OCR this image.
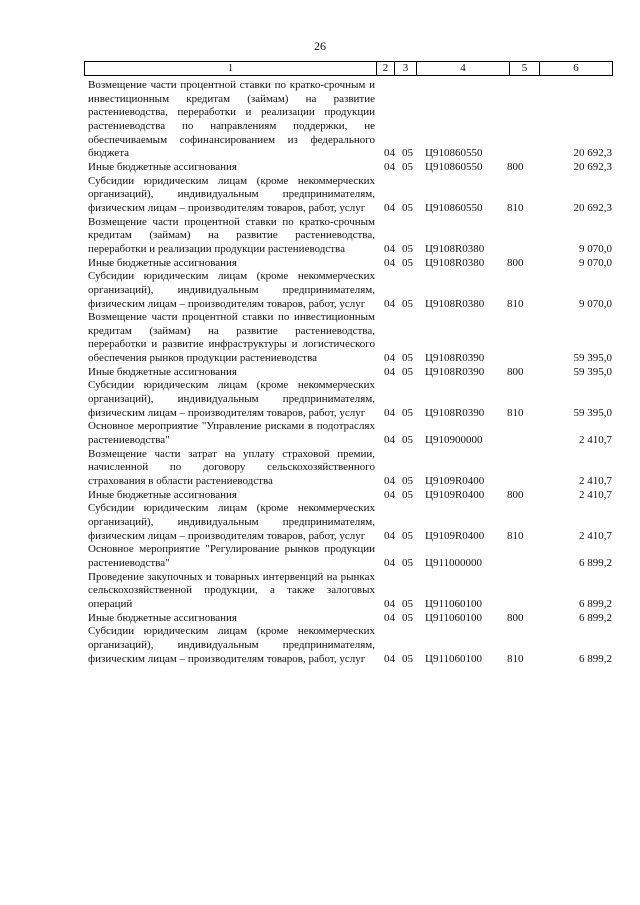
26
1	2	3	4	5	6
Возмещение части процентной ставки по кратко-срочным и инвестиционным кредитам (займам) на развитие растениеводства, переработки и реализации продукции растениеводства по направлениям поддержки, не обеспечиваемым софинансированием из федерального бюджета	04 05	Ц910860550	20 692,3
Иные бюджетные ассигнования	04 05	Ц910860550	800	20 692,3
Субсидии юридическим лицам (кроме некоммерческих организаций), индивидуальным предпринимателям, физическим лицам – производителям товаров, работ, услуг	04 05	Ц910860550	810	20 692,3
Возмещение части процентной ставки по кратко-срочным кредитам (займам) на развитие растениеводства, переработки и реализации продукции растениеводства	04 05	Ц9108R0380	9 070,0
Иные бюджетные ассигнования	04 05	Ц9108R0380	800	9 070,0
Субсидии юридическим лицам (кроме некоммерческих организаций), индивидуальным предпринимателям, физическим лицам – производителям товаров, работ, услуг	04 05	Ц9108R0380	810	9 070,0
Возмещение части процентной ставки по инвестиционным кредитам (займам) на развитие растениеводства, переработки и развитие инфраструктуры и логистического обеспечения рынков продукции растениеводства	04 05	Ц9108R0390	59 395,0
Иные бюджетные ассигнования	04 05	Ц9108R0390	800	59 395,0
Субсидии юридическим лицам (кроме некоммерческих организаций), индивидуальным предпринимателям, физическим лицам – производителям товаров, работ, услуг	04 05	Ц9108R0390	810	59 395,0
Основное мероприятие "Управление рисками в подотраслях растениеводства"	04 05	Ц910900000	2 410,7
Возмещение части затрат на уплату страховой премии, начисленной по договору сельскохозяйственного страхования в области растениеводства	04 05	Ц9109R0400	2 410,7
Иные бюджетные ассигнования	04 05	Ц9109R0400	800	2 410,7
Субсидии юридическим лицам (кроме некоммерческих организаций), индивидуальным предпринимателям, физическим лицам – производителям товаров, работ, услуг	04 05	Ц9109R0400	810	2 410,7
Основное мероприятие "Регулирование рынков продукции растениеводства"	04 05	Ц911000000	6 899,2
Проведение закупочных и товарных интервенций на рынках сельскохозяйственной продукции, а также залоговых операций	04 05	Ц911060100	6 899,2
Иные бюджетные ассигнования	04 05	Ц911060100	800	6 899,2
Субсидии юридическим лицам (кроме некоммерческих организаций), индивидуальным предпринимателям, физическим лицам – производителям товаров, работ, услуг	04 05	Ц911060100	810	6 899,2
